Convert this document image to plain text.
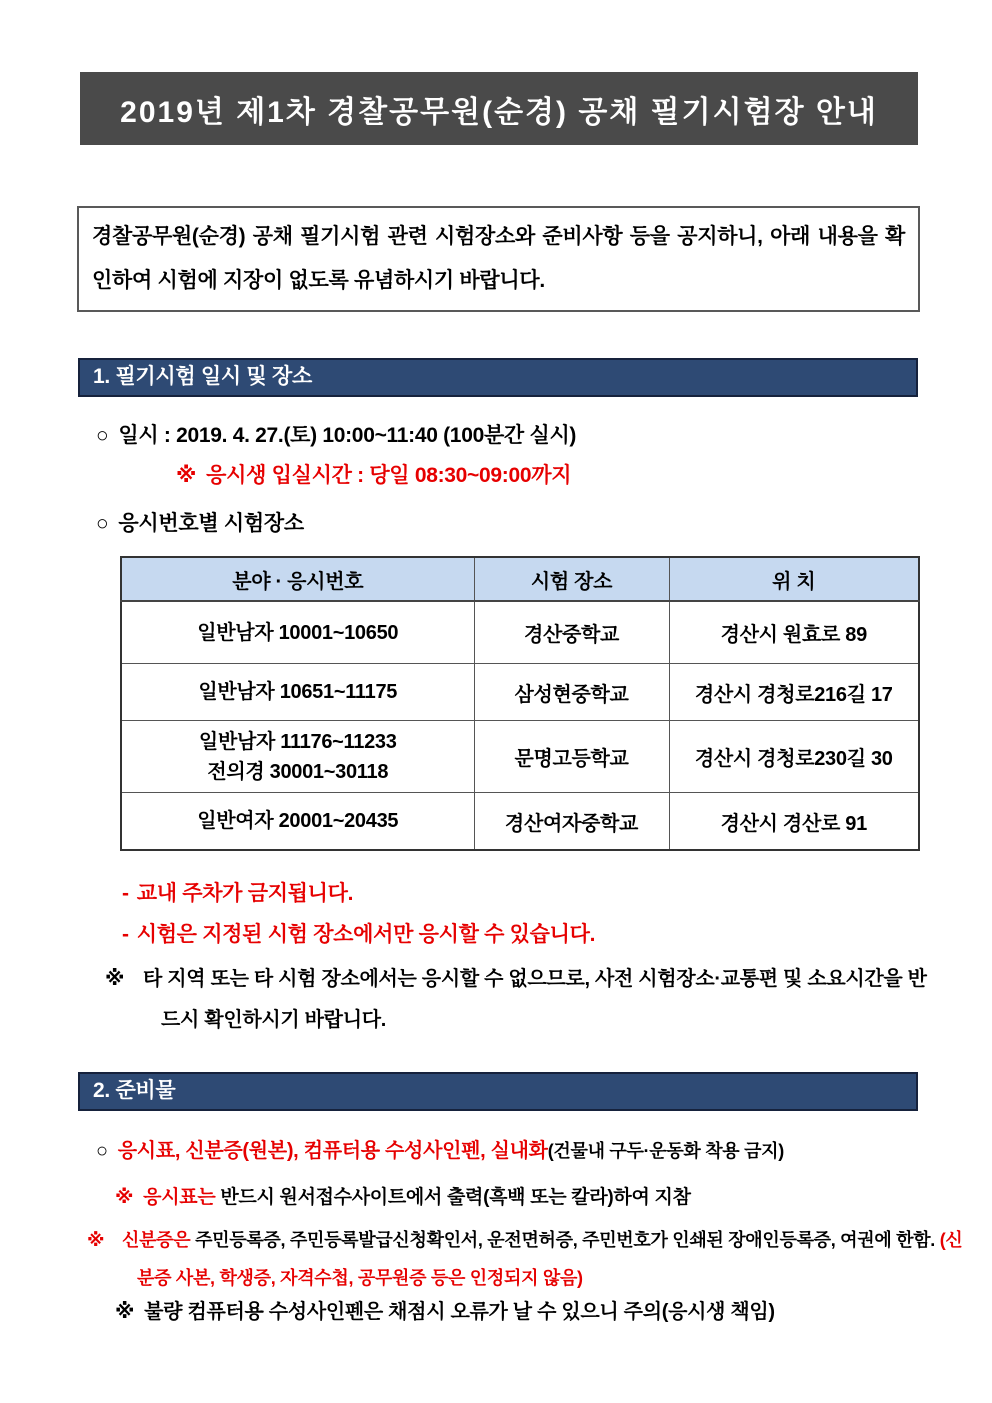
2019년 제1차 경찰공무원(순경) 공채 필기시험장 안내

경찰공무원(순경) 공채 필기시험 관련 시험장소와 준비사항 등을 공지하니, 아래 내용을 확인하여 시험에 지장이 없도록 유념하시기 바랍니다.

1. 필기시험 일시 및 장소
○ 일시 : 2019. 4. 27.(토) 10:00~11:40 (100분간 실시)
※ 응시생 입실시간 : 당일 08:30~09:00까지
○ 응시번호별 시험장소
분야 · 응시번호	시험 장소	위 치

일반남자 10001~10650	경산중학교	경산시 원효로 89

일반남자 10651~11175	삼성현중학교	경산시 경청로216길 17

일반남자 11176~11233
전의경 30001~30118	문명고등학교	경산시 경청로230길 30

일반여자 20001~20435	경산여자중학교	경산시 경산로 91
- 교내 주차가 금지됩니다.
- 시험은 지정된 시험 장소에서만 응시할 수 있습니다.
※ 타 지역 또는 타 시험 장소에서는 응시할 수 없으므로, 사전 시험장소·교통편 및 소요시간을 반드시 확인하시기 바랍니다.
2. 준비물
○ 응시표, 신분증(원본), 컴퓨터용 수성사인펜, 실내화(건물내 구두·운동화 착용 금지)
※ 응시표는 반드시 원서접수사이트에서 출력(흑백 또는 칼라)하여 지참
※ 신분증은 주민등록증, 주민등록발급신청확인서, 운전면허증, 주민번호가 인쇄된 장애인등록증, 여권에 한함. (신분증 사본, 학생증, 자격수첩, 공무원증 등은 인정되지 않음)
※ 불량 컴퓨터용 수성사인펜은 채점시 오류가 날 수 있으니 주의(응시생 책임)
